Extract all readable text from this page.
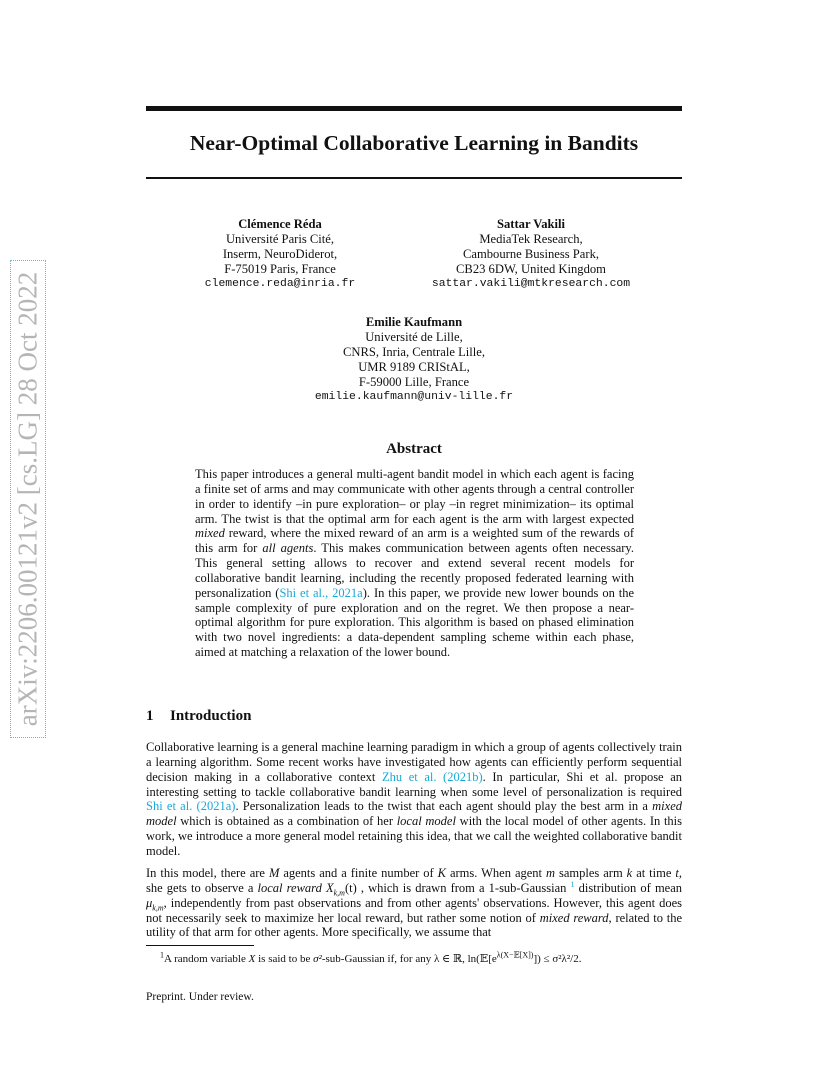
arXiv:2206.00121v2 [cs.LG] 28 Oct 2022
Near-Optimal Collaborative Learning in Bandits
Clémence Réda
Université Paris Cité,
Inserm, NeuroDiderot,
F-75019 Paris, France
clemence.reda@inria.fr
Sattar Vakili
MediaTek Research,
Cambourne Business Park,
CB23 6DW, United Kingdom
sattar.vakili@mtkresearch.com
Emilie Kaufmann
Université de Lille,
CNRS, Inria, Centrale Lille,
UMR 9189 CRIStAL,
F-59000 Lille, France
emilie.kaufmann@univ-lille.fr
Abstract
This paper introduces a general multi-agent bandit model in which each agent is facing a finite set of arms and may communicate with other agents through a central controller in order to identify –in pure exploration– or play –in regret minimization– its optimal arm. The twist is that the optimal arm for each agent is the arm with largest expected mixed reward, where the mixed reward of an arm is a weighted sum of the rewards of this arm for all agents. This makes communication between agents often necessary. This general setting allows to recover and extend several recent models for collaborative bandit learning, including the recently proposed federated learning with personalization (Shi et al., 2021a). In this paper, we provide new lower bounds on the sample complexity of pure exploration and on the regret. We then propose a near-optimal algorithm for pure exploration. This algorithm is based on phased elimination with two novel ingredients: a data-dependent sampling scheme within each phase, aimed at matching a relaxation of the lower bound.
1 Introduction
Collaborative learning is a general machine learning paradigm in which a group of agents collectively train a learning algorithm. Some recent works have investigated how agents can efficiently perform sequential decision making in a collaborative context Zhu et al. (2021b). In particular, Shi et al. propose an interesting setting to tackle collaborative bandit learning when some level of personalization is required Shi et al. (2021a). Personalization leads to the twist that each agent should play the best arm in a mixed model which is obtained as a combination of her local model with the local model of other agents. In this work, we introduce a more general model retaining this idea, that we call the weighted collaborative bandit model.
In this model, there are M agents and a finite number of K arms. When agent m samples arm k at time t, she gets to observe a local reward $X_{k,m}(t)$ , which is drawn from a 1-sub-Gaussian $^1$ distribution of mean $\mu_{k,m}$, independently from past observations and from other agents' observations. However, this agent does not necessarily seek to maximize her local reward, but rather some notion of mixed reward, related to the utility of that arm for other agents. More specifically, we assume that
$^1$A random variable X is said to be σ²-sub-Gaussian if, for any λ ∈ ℝ, $\ln(𝔼[e^{\lambda(X-𝔼[X])}]) \le \sigma^2\lambda^2/2$.
Preprint. Under review.
